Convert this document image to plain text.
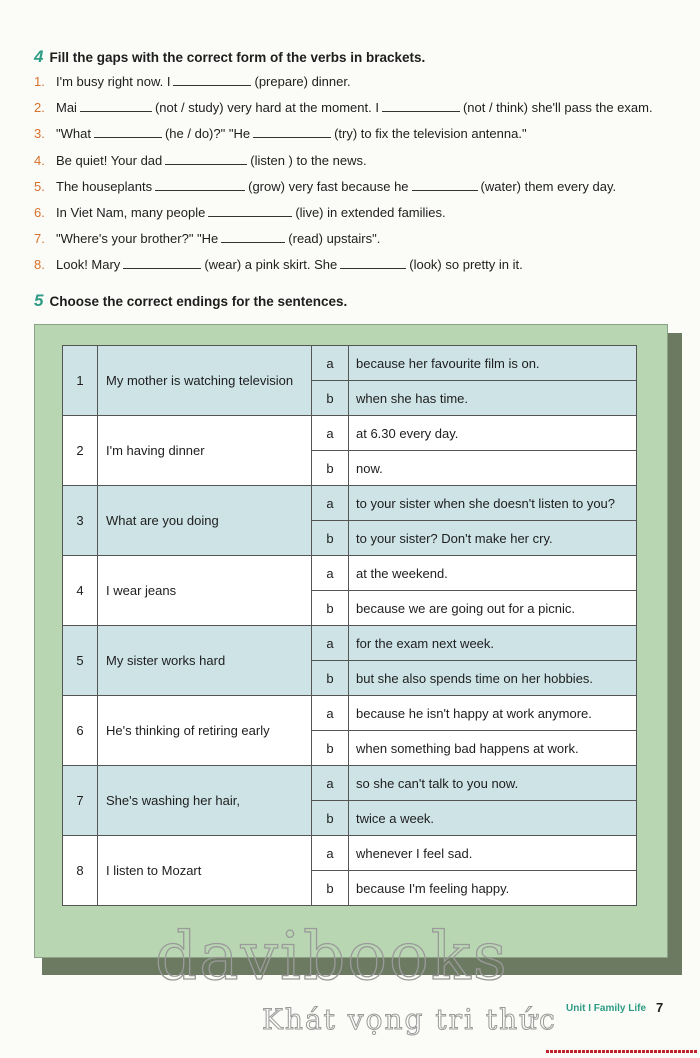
4 Fill the gaps with the correct form of the verbs in brackets.
1. I'm busy right now. I	(prepare) dinner.
2. Mai	(not / study) very hard at the moment. I	(not / think) she'll pass the exam.
3. "What	(he / do)?" "He	(try) to fix the television antenna."
4. Be quiet! Your dad	(listen ) to the news.
5. The houseplants	(grow) very fast because he	(water) them every day.
6. In Viet Nam, many people	(live) in extended families.
7. "Where's your brother?" "He	(read) upstairs".
8. Look! Mary	(wear) a pink skirt. She	(look) so pretty in it.
5 Choose the correct endings for the sentences.
1	My mother is watching television	a	because her favourite film is on.
		b	when she has time.
2	I'm having dinner	a	at 6.30 every day.
		b	now.
3	What are you doing	a	to your sister when she doesn't listen to you?
		b	to your sister? Don't make her cry.
4	I wear jeans	a	at the weekend.
		b	because we are going out for a picnic.
5	My sister works hard	a	for the exam next week.
		b	but she also spends time on her hobbies.
6	He's thinking of retiring early	a	because he isn't happy at work anymore.
		b	when something bad happens at work.
7	She's washing her hair,	a	so she can't talk to you now.
		b	twice a week.
8	I listen to Mozart	a	whenever I feel sad.
		b	because I'm feeling happy.
davibooks
Khát vọng tri thức Unit I Family Life 7
